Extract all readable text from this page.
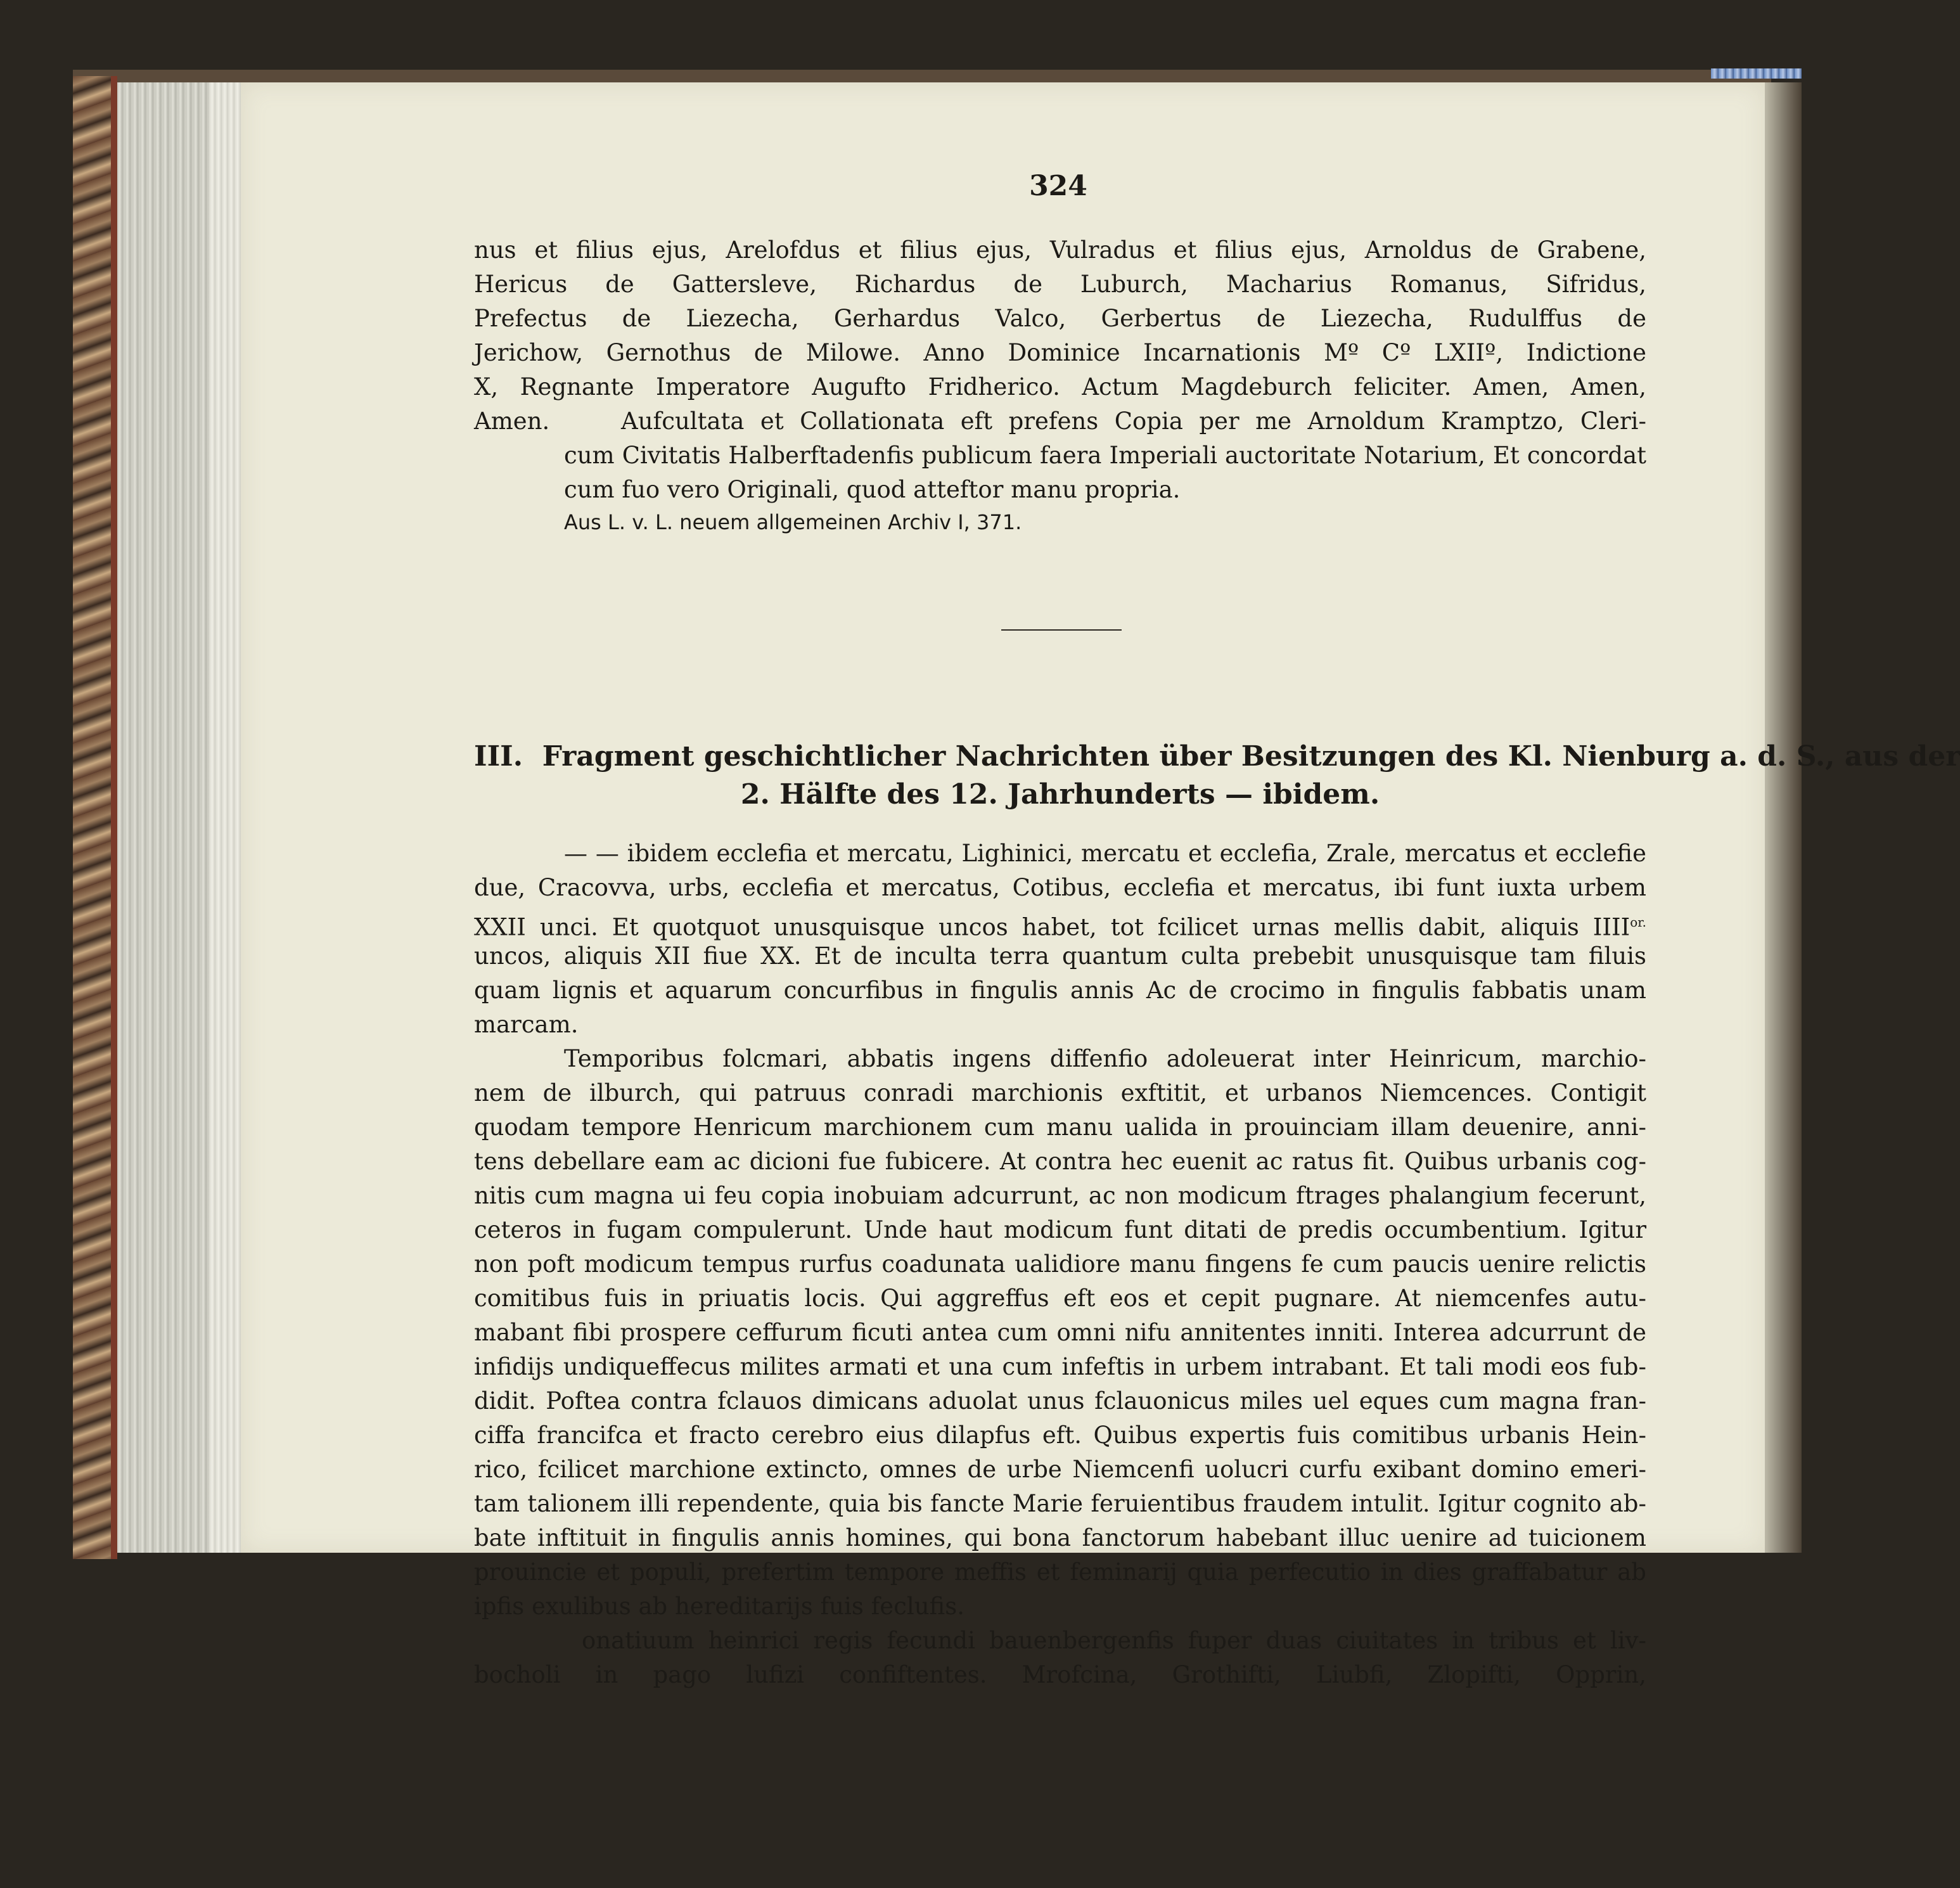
324
nus et filius ejus, Arelofdus et filius ejus, Vulradus et filius ejus, Arnoldus de Grabene,
Hericus de Gattersleve, Richardus de Luburch, Macharius Romanus, Sifridus,
Prefectus de Liezecha, Gerhardus Valco, Gerbertus de Liezecha, Rudulffus de
Jerichow, Gernothus de Milowe. Anno Dominice Incarnationis Mº Cº LXIIº, Indictione
X, Regnante Imperatore Augufto Fridherico. Actum Magdeburch feliciter. Amen, Amen,
Amen.	Aufcultata et Collationata eft prefens Copia per me Arnoldum Kramptzo, Cleri-
cum Civitatis Halberftadenfis publicum faera Imperiali auctoritate Notarium, Et concordat
cum fuo vero Originali, quod atteftor manu propria.
Aus L. v. L. neuem allgemeinen Archiv I, 371.
III. Fragment geschichtlicher Nachrichten über Besitzungen des Kl. Nienburg a. d. S., aus der
2. Hälfte des 12. Jahrhunderts — ibidem.
— — ibidem ecclefia et mercatu, Lighinici, mercatu et ecclefia, Zrale, mercatus et ecclefie
due, Cracovva, urbs, ecclefia et mercatus, Cotibus, ecclefia et mercatus, ibi funt iuxta urbem
XXII unci. Et quotquot unusquisque uncos habet, tot fcilicet urnas mellis dabit, aliquis $IIII^{or.}$
uncos, aliquis XII fiue XX. Et de inculta terra quantum culta prebebit unusquisque tam filuis
quam lignis et aquarum concurfibus in fingulis annis Ac de crocimo in fingulis fabbatis unam
marcam.
Temporibus folcmari, abbatis ingens diffenfio adoleuerat inter Heinricum, marchio-
nem de ilburch, qui patruus conradi marchionis exftitit, et urbanos Niemcences. Contigit
quodam tempore Henricum marchionem cum manu ualida in prouinciam illam deuenire, anni-
tens debellare eam ac dicioni fue fubicere. At contra hec euenit ac ratus fit. Quibus urbanis cog-
nitis cum magna ui feu copia inobuiam adcurrunt, ac non modicum ftrages phalangium fecerunt,
ceteros in fugam compulerunt. Unde haut modicum funt ditati de predis occumbentium. Igitur
non poft modicum tempus rurfus coadunata ualidiore manu fingens fe cum paucis uenire relictis
comitibus fuis in priuatis locis. Qui aggreffus eft eos et cepit pugnare. At niemcenfes autu-
mabant fibi prospere ceffurum ficuti antea cum omni nifu annitentes inniti. Interea adcurrunt de
infidijs undiqueffecus milites armati et una cum infeftis in urbem intrabant. Et tali modi eos fub-
didit. Poftea contra fclauos dimicans aduolat unus fclauonicus miles uel eques cum magna fran-
ciffa francifca et fracto cerebro eius dilapfus eft. Quibus expertis fuis comitibus urbanis Hein-
rico, fcilicet marchione extincto, omnes de urbe Niemcenfi uolucri curfu exibant domino emeri-
tam talionem illi rependente, quia bis fancte Marie feruientibus fraudem intulit. Igitur cognito ab-
bate inftituit in fingulis annis homines, qui bona fanctorum habebant illuc uenire ad tuicionem
prouincie et populi, prefertim tempore meffis et feminarij quia perfecutio in dies graffabatur ab
ipfis exulibus ab hereditarijs fuis feclufis.
onatiuum heinrici regis fecundi bauenbergenfis fuper duas ciuitates in tribus et liv-
bocholi in pago lufizi confiftentes. Mrofcina, Grothifti, Liubfi, Zlopifti, Opprin,
